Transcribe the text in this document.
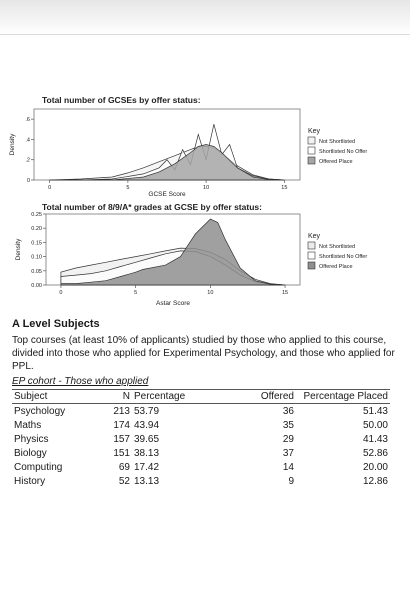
Total number of GCSEs by offer status:
0	5	10	15
0
.2
.4
.6
GCSE Score
Density
Key
Not Shortlisted
Shortlisted No Offer
Offered Place
Total number of 8/9/A* grades at GCSE by offer status:
0	5	10	15
0.00
0.05
0.10
0.15
0.20
0.25
Astar Score
Density
Key
Not Shortlisted
Shortlisted No Offer
Offered Place
A Level Subjects
Top courses (at least 10% of applicants) studied by those who applied to this course, divided into those who applied for Experimental Psychology, and those who applied for PPL.
EP cohort - Those who applied
Subject	N	Percentage	Offered	Percentage Placed
Psychology	213	53.79	36	51.43
Maths	174	43.94	35	50.00
Physics	157	39.65	29	41.43
Biology	151	38.13	37	52.86
Computing	69	17.42	14	20.00
History	52	13.13	9	12.86
